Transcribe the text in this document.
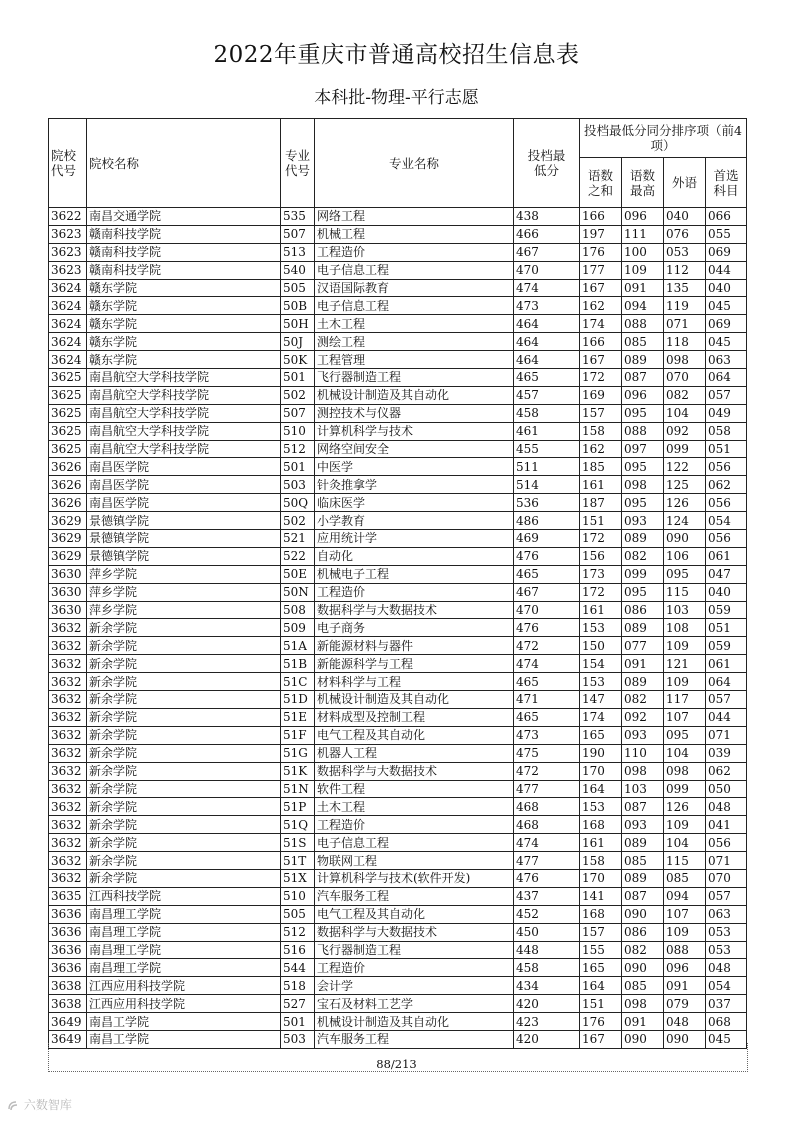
2022年重庆市普通高校招生信息表
本科批-物理-平行志愿
院校代号	院校名称	专业代号	专业名称	投档最低分	投档最低分同分排序项（前4项）			
					语数之和	语数最高	外语	首选科目
3622	南昌交通学院	535	网络工程	438	166	096	040	066
3623	赣南科技学院	507	机械工程	466	197	111	076	055
3623	赣南科技学院	513	工程造价	467	176	100	053	069
3623	赣南科技学院	540	电子信息工程	470	177	109	112	044
3624	赣东学院	505	汉语国际教育	474	167	091	135	040
3624	赣东学院	50B	电子信息工程	473	162	094	119	045
3624	赣东学院	50H	土木工程	464	174	088	071	069
3624	赣东学院	50J	测绘工程	464	166	085	118	045
3624	赣东学院	50K	工程管理	464	167	089	098	063
3625	南昌航空大学科技学院	501	飞行器制造工程	465	172	087	070	064
3625	南昌航空大学科技学院	502	机械设计制造及其自动化	457	169	096	082	057
3625	南昌航空大学科技学院	507	测控技术与仪器	458	157	095	104	049
3625	南昌航空大学科技学院	510	计算机科学与技术	461	158	088	092	058
3625	南昌航空大学科技学院	512	网络空间安全	455	162	097	099	051
3626	南昌医学院	501	中医学	511	185	095	122	056
3626	南昌医学院	503	针灸推拿学	514	161	098	125	062
3626	南昌医学院	50Q	临床医学	536	187	095	126	056
3629	景德镇学院	502	小学教育	486	151	093	124	054
3629	景德镇学院	521	应用统计学	469	172	089	090	056
3629	景德镇学院	522	自动化	476	156	082	106	061
3630	萍乡学院	50E	机械电子工程	465	173	099	095	047
3630	萍乡学院	50N	工程造价	467	172	095	115	040
3630	萍乡学院	508	数据科学与大数据技术	470	161	086	103	059
3632	新余学院	509	电子商务	476	153	089	108	051
3632	新余学院	51A	新能源材料与器件	472	150	077	109	059
3632	新余学院	51B	新能源科学与工程	474	154	091	121	061
3632	新余学院	51C	材料科学与工程	465	153	089	109	064
3632	新余学院	51D	机械设计制造及其自动化	471	147	082	117	057
3632	新余学院	51E	材料成型及控制工程	465	174	092	107	044
3632	新余学院	51F	电气工程及其自动化	473	165	093	095	071
3632	新余学院	51G	机器人工程	475	190	110	104	039
3632	新余学院	51K	数据科学与大数据技术	472	170	098	098	062
3632	新余学院	51N	软件工程	477	164	103	099	050
3632	新余学院	51P	土木工程	468	153	087	126	048
3632	新余学院	51Q	工程造价	468	168	093	109	041
3632	新余学院	51S	电子信息工程	474	161	089	104	056
3632	新余学院	51T	物联网工程	477	158	085	115	071
3632	新余学院	51X	计算机科学与技术(软件开发)	476	170	089	085	070
3635	江西科技学院	510	汽车服务工程	437	141	087	094	057
3636	南昌理工学院	505	电气工程及其自动化	452	168	090	107	063
3636	南昌理工学院	512	数据科学与大数据技术	450	157	086	109	053
3636	南昌理工学院	516	飞行器制造工程	448	155	082	088	053
3636	南昌理工学院	544	工程造价	458	165	090	096	048
3638	江西应用科技学院	518	会计学	434	164	085	091	054
3638	江西应用科技学院	527	宝石及材料工艺学	420	151	098	079	037
3649	南昌工学院	501	机械设计制造及其自动化	423	176	091	048	068
3649	南昌工学院	503	汽车服务工程	420	167	090	090	045
88/213
六数智库
